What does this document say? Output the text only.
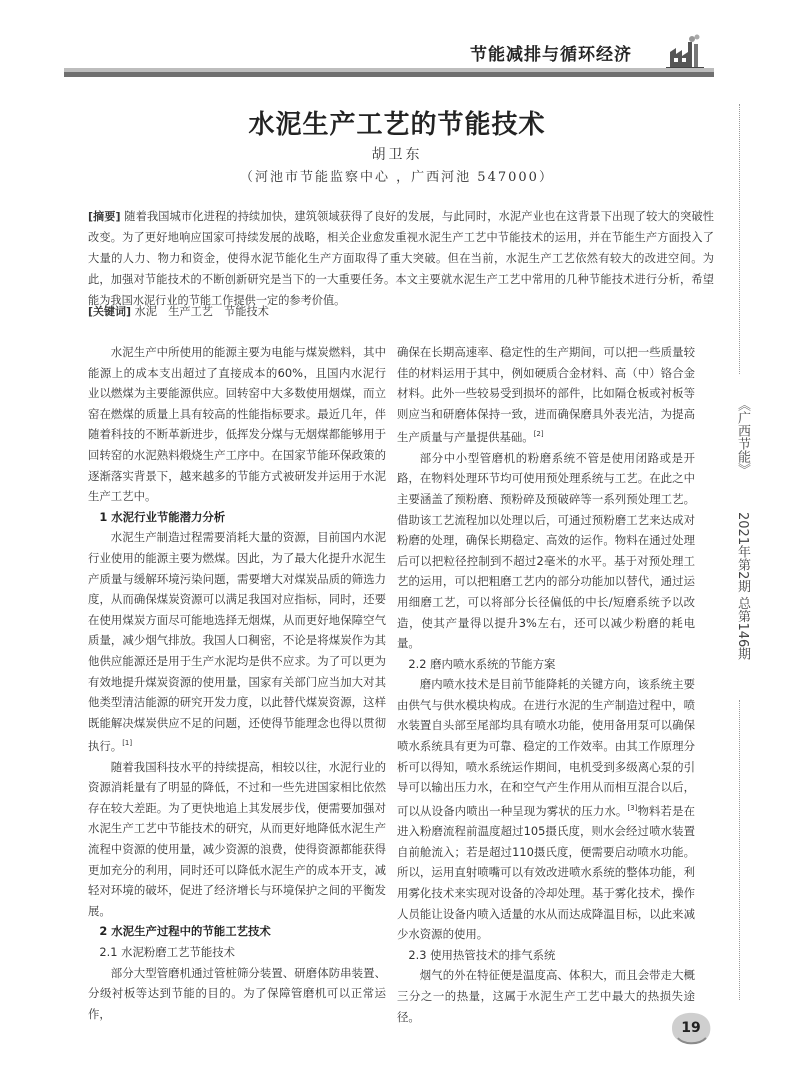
节能减排与循环经济
《广西节能》
2021年第2期 总第146期
水泥生产工艺的节能技术
胡卫东
（河池市节能监察中心 ，广西河池 547000）
[摘要] 随着我国城市化进程的持续加快，建筑领域获得了良好的发展，与此同时，水泥产业也在这背景下出现了较大的突破性改变。为了更好地响应国家可持续发展的战略，相关企业愈发重视水泥生产工艺中节能技术的运用，并在节能生产方面投入了大量的人力、物力和资金，使得水泥节能化生产方面取得了重大突破。但在当前，水泥生产工艺依然有较大的改进空间。为此，加强对节能技术的不断创新研究是当下的一大重要任务。本文主要就水泥生产工艺中常用的几种节能技术进行分析，希望能为我国水泥行业的节能工作提供一定的参考价值。
[关键词] 水泥　生产工艺　节能技术

水泥生产中所使用的能源主要为电能与煤炭燃料，其中能源上的成本支出超过了直接成本的60%，且国内水泥行业以燃煤为主要能源供应。回转窑中大多数使用烟煤，而立窑在燃煤的质量上具有较高的性能指标要求。最近几年，伴随着科技的不断革新进步，低挥发分煤与无烟煤都能够用于回转窑的水泥熟料煅烧生产工序中。在国家节能环保政策的逐渐落实背景下，越来越多的节能方式被研发并运用于水泥生产工艺中。

1 水泥行业节能潜力分析

水泥生产制造过程需要消耗大量的资源，目前国内水泥行业使用的能源主要为燃煤。因此，为了最大化提升水泥生产质量与缓解环境污染问题，需要增大对煤炭品质的筛选力度，从而确保煤炭资源可以满足我国对应指标，同时，还要在使用煤炭方面尽可能地选择无烟煤，从而更好地保障空气质量，减少烟气排放。我国人口稠密，不论是将煤炭作为其他供应能源还是用于生产水泥均是供不应求。为了可以更为有效地提升煤炭资源的使用量，国家有关部门应当加大对其他类型清洁能源的研究开发力度，以此替代煤炭资源，这样既能解决煤炭供应不足的问题，还使得节能理念也得以贯彻执行。[1]

随着我国科技水平的持续提高，相较以往，水泥行业的资源消耗量有了明显的降低，不过和一些先进国家相比依然存在较大差距。为了更快地追上其发展步伐，便需要加强对水泥生产工艺中节能技术的研究，从而更好地降低水泥生产流程中资源的使用量，减少资源的浪费，使得资源都能获得更加充分的利用，同时还可以降低水泥生产的成本开支，减轻对环境的破坏，促进了经济增长与环境保护之间的平衡发展。

2 水泥生产过程中的节能工艺技术
2.1 水泥粉磨工艺节能技术

部分大型管磨机通过管桩筛分装置、研磨体防串装置、分级衬板等达到节能的目的。为了保障管磨机可以正常运作，

确保在长期高速率、稳定性的生产期间，可以把一些质量较佳的材料运用于其中，例如硬质合金材料、高（中）铬合金材料。此外一些较易受到损坏的部件，比如隔仓板或衬板等则应当和研磨体保持一致，进而确保磨具外表光洁，为提高生产质量与产量提供基础。[2]

部分中小型管磨机的粉磨系统不管是使用闭路或是开路，在物料处理环节均可使用预处理系统与工艺。在此之中主要涵盖了预粉磨、预粉碎及预破碎等一系列预处理工艺。借助该工艺流程加以处理以后，可通过预粉磨工艺来达成对粉磨的处理，确保长期稳定、高效的运作。物料在通过处理后可以把粒径控制到不超过2毫米的水平。基于对预处理工艺的运用，可以把粗磨工艺内的部分功能加以替代，通过运用细磨工艺，可以将部分长径偏低的中长/短磨系统予以改造，使其产量得以提升3%左右，还可以减少粉磨的耗电量。

2.2 磨内喷水系统的节能方案

磨内喷水技术是目前节能降耗的关键方向，该系统主要由供气与供水模块构成。在进行水泥的生产制造过程中，喷水装置自头部至尾部均具有喷水功能，使用备用泵可以确保喷水系统具有更为可靠、稳定的工作效率。由其工作原理分析可以得知，喷水系统运作期间，电机受到多级离心泵的引导可以输出压力水，在和空气产生作用从而相互混合以后，可以从设备内喷出一种呈现为雾状的压力水。[3]物料若是在进入粉磨流程前温度超过105摄氏度，则水会经过喷水装置自前舱流入；若是超过110摄氏度，便需要启动喷水功能。所以，运用直射喷嘴可以有效改进喷水系统的整体功能，利用雾化技术来实现对设备的冷却处理。基于雾化技术，操作人员能让设备内喷入适量的水从而达成降温目标，以此来减少水资源的使用。

2.3 使用热管技术的排气系统

烟气的外在特征便是温度高、体积大，而且会带走大概三分之一的热量，这属于水泥生产工艺中最大的热损失途径。

19
